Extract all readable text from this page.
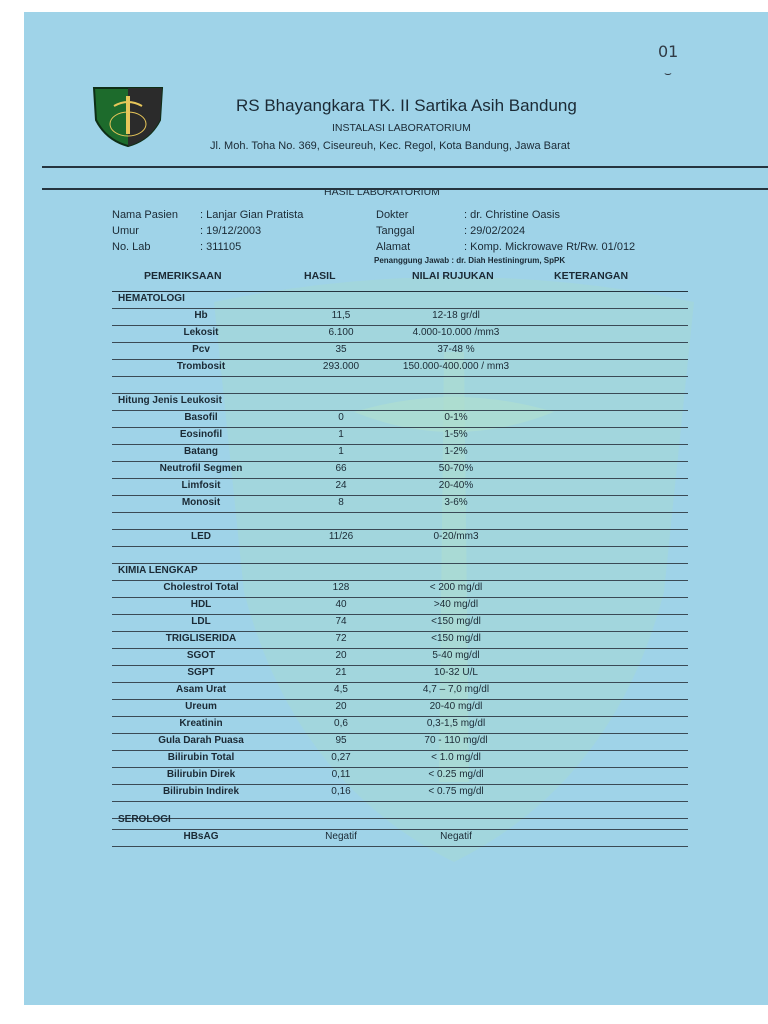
RS Bhayangkara TK. II Sartika Asih Bandung
INSTALASI LABORATORIUM
Jl. Moh. Toha No. 369, Ciseureuh, Kec. Regol, Kota Bandung, Jawa Barat
01
⌣
HASIL LABORATORIUM
Nama Pasien : Lanjar Gian Pratista
Umur	: 19/12/2003
No. Lab	: 311105
Dokter	: dr. Christine Oasis
Tanggal	: 29/02/2024
Alamat	: Komp. Mickrowave Rt/Rw. 01/012
Penanggung Jawab : dr. Diah Hestiningrum, SpPK
PEMERIKSAAN	HASIL	NILAI RUJUKAN	KETERANGAN
HEMATOLOGI
Hb	11,5	12-18 gr/dl
Lekosit	6.100	4.000-10.000 /mm3
Pcv	35	37-48 %
Trombosit	293.000	150.000-400.000 / mm3
Hitung Jenis Leukosit
Basofil	0	0-1%
Eosinofil	1	1-5%
Batang	1	1-2%
Neutrofil Segmen	66	50-70%
Limfosit	24	20-40%
Monosit	8	3-6%
LED	11/26	0-20/mm3
KIMIA LENGKAP
Cholestrol Total	128	< 200 mg/dl
HDL	40	>40 mg/dl
LDL	74	<150 mg/dl
TRIGLISERIDA	72	<150 mg/dl
SGOT	20	5-40 mg/dl
SGPT	21	10-32 U/L
Asam Urat	4,5	4,7 – 7,0 mg/dl
Ureum	20	20-40 mg/dl
Kreatinin	0,6	0,3-1,5 mg/dl
Gula Darah Puasa	95	70 - 110 mg/dl
Bilirubin Total	0,27	< 1.0 mg/dl
Bilirubin Direk	0,11	< 0.25 mg/dl
Bilirubin Indirek	0,16	< 0.75 mg/dl
SEROLOGI
HBsAG	Negatif	Negatif
